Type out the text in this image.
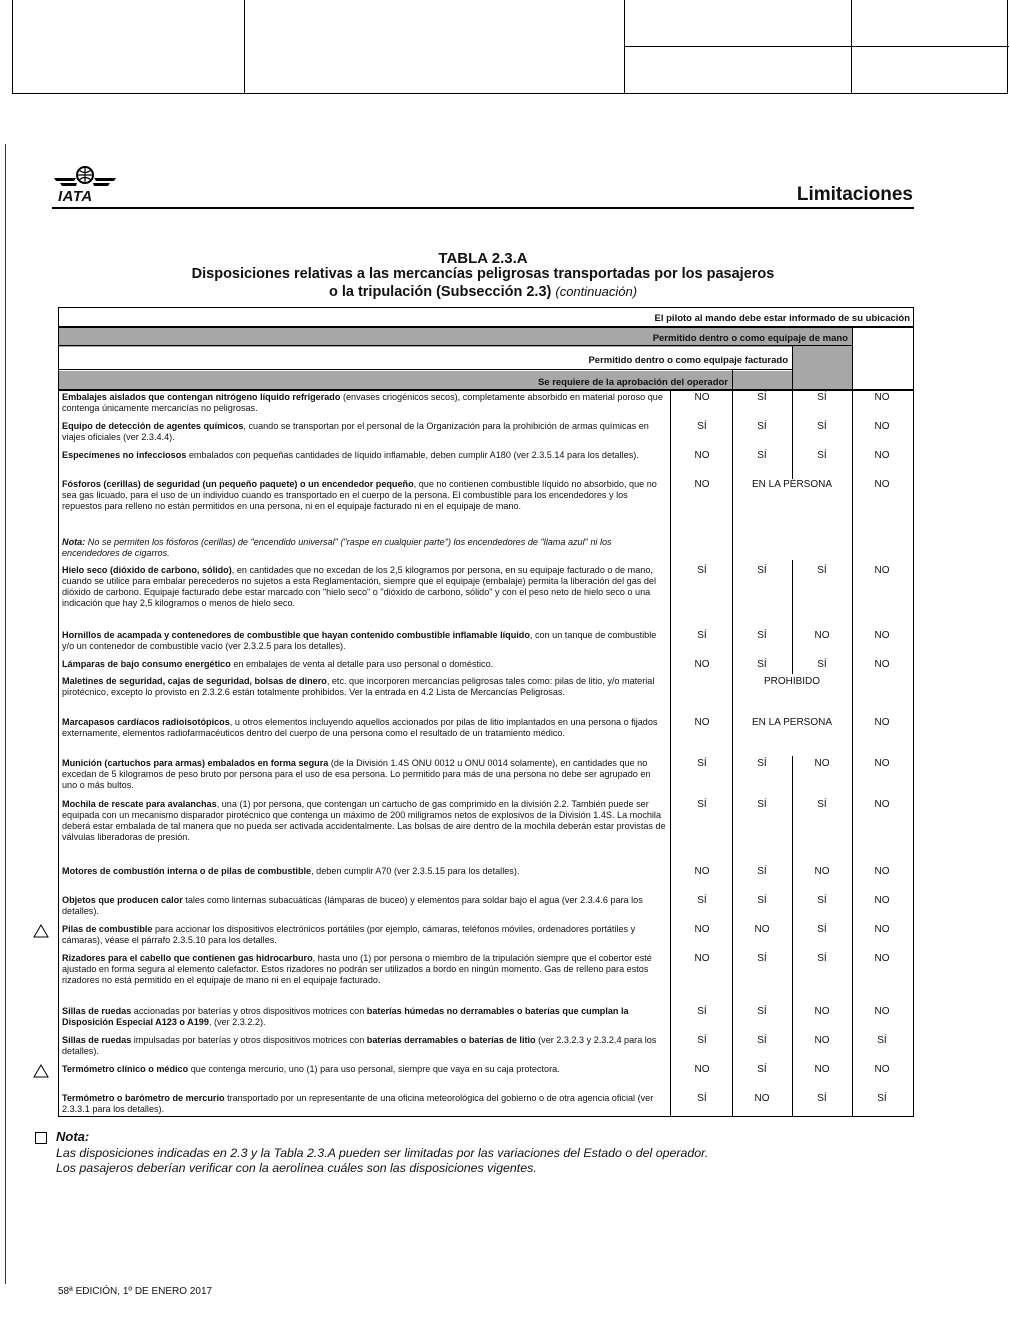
IATA	Limitaciones
TABLA 2.3.A
Disposiciones relativas a las mercancías peligrosas transportadas por los pasajeros
o la tripulación (Subsección 2.3) (continuación)
El piloto al mando debe estar informado de su ubicación
Permitido dentro o como equipaje de mano
Permitido dentro o como equipaje facturado
Se requiere de la aprobación del operador
Embalajes aislados que contengan nitrógeno líquido refrigerado (envases criogénicos secos), completamente absorbido en material poroso que contenga únicamente mercancías no peligrosas.
NO	SÍ	SÍ	NO
Equipo de detección de agentes químicos, cuando se transportan por el personal de la Organización para la prohibición de armas químicas en viajes oficiales (ver 2.3.4.4).
SÍ	SÍ	SÍ	NO
Especímenes no infecciosos embalados con pequeñas cantidades de líquido inflamable, deben cumplir A180 (ver 2.3.5.14 para los detalles).	NO	SÍ	SÍ	NO
Fósforos (cerillas) de seguridad (un pequeño paquete) o un encendedor pequeño, que no contienen combustible líquido no absorbido, que no sea gas licuado, para el uso de un individuo cuando es transportado en el cuerpo de la persona. El combustible para los encendedores y los repuestos para relleno no están permitidos en una persona, ni en el equipaje facturado ni en el equipaje de mano.
NO	EN LA PERSONA	NO
Nota: No se permiten los fósforos (cerillas) de "encendido universal" ("raspe en cualquier parte") los encendedores de "llama azul" ni los encendedores de cigarros.
Hielo seco (dióxido de carbono, sólido), en cantidades que no excedan de los 2,5 kilogramos por persona, en su equipaje facturado o de mano, cuando se utilice para embalar perecederos no sujetos a esta Reglamentación, siempre que el equipaje (embalaje) permita la liberación del gas del dióxido de carbono. Equipaje facturado debe estar marcado con "hielo seco" o "dióxido de carbono, sólido" y con el peso neto de hielo seco o una indicación que hay 2,5 kilogramos o menos de hielo seco.
SÍ	SÍ	SÍ	NO
Hornillos de acampada y contenedores de combustible que hayan contenido combustible inflamable líquido, con un tanque de combustible y/o un contenedor de combustible vacío (ver 2.3.2.5 para los detalles).
SÍ	SÍ	NO	NO
Lámparas de bajo consumo energético en embalajes de venta al detalle para uso personal o doméstico.	NO	SÍ	SÍ	NO
Maletines de seguridad, cajas de seguridad, bolsas de dinero, etc. que incorporen mercancías peligrosas tales como: pilas de litio, y/o material pirotécnico, excepto lo provisto en 2.3.2.6 están totalmente prohibidos. Ver la entrada en 4.2 Lista de Mercancías Peligrosas.
PROHIBIDO
Marcapasos cardíacos radioisotópicos, u otros elementos incluyendo aquellos accionados por pilas de litio implantados en una persona o fijados externamente, elementos radiofarmacéuticos dentro del cuerpo de una persona como el resultado de un tratamiento médico.
NO	EN LA PERSONA	NO
Munición (cartuchos para armas) embalados en forma segura (de la División 1.4S ONU 0012 u ONU 0014 solamente), en cantidades que no excedan de 5 kilogramos de peso bruto por persona para el uso de esa persona. Lo permitido para más de una persona no debe ser agrupado en uno o más bultos.
SÍ	SÍ	NO	NO
Mochila de rescate para avalanchas, una (1) por persona, que contengan un cartucho de gas comprimido en la división 2.2. También puede ser equipada con un mecanismo disparador pirotécnico que contenga un máximo de 200 miligramos netos de explosivos de la División 1.4S. La mochila deberá estar embalada de tal manera que no pueda ser activada accidentalmente. Las bolsas de aire dentro de la mochila deberán estar provistas de válvulas liberadoras de presión.
SÍ	SÍ	SÍ	NO
Motores de combustión interna o de pilas de combustible, deben cumplir A70 (ver 2.3.5.15 para los detalles).	NO	SÍ	NO	NO
Objetos que producen calor tales como linternas subacuáticas (lámparas de buceo) y elementos para soldar bajo el agua (ver 2.3.4.6 para los detalles).
SÍ	SÍ	SÍ	NO
Pilas de combustible para accionar los dispositivos electrónicos portátiles (por ejemplo, cámaras, teléfonos móviles, ordenadores portátiles y cámaras), véase el párrafo 2.3.5.10 para los detalles.
NO	NO	SÍ	NO
Rizadores para el cabello que contienen gas hidrocarburo, hasta uno (1) por persona o miembro de la tripulación siempre que el cobertor esté ajustado en forma segura al elemento calefactor. Estos rizadores no podrán ser utilizados a bordo en ningún momento. Gas de relleno para estos rizadores no está permitido en el equipaje de mano ni en el equipaje facturado.
NO	SÍ	SÍ	NO
Sillas de ruedas accionadas por baterías y otros dispositivos motrices con baterías húmedas no derramables o baterías que cumplan la Disposición Especial A123 o A199, (ver 2.3.2.2).
SÍ	SÍ	NO	NO
Sillas de ruedas impulsadas por baterías y otros dispositivos motrices con baterías derramables o baterías de litio (ver 2.3.2.3 y 2.3.2.4 para los detalles).
SÍ	SÍ	NO	SÍ
Termómetro clínico o médico que contenga mercurio, uno (1) para uso personal, siempre que vaya en su caja protectora.	NO	SÍ	NO	NO
Termómetro o barómetro de mercurio transportado por un representante de una oficina meteorológica del gobierno o de otra agencia oficial (ver 2.3.3.1 para los detalles).
SÍ	NO	SÍ	SÍ
Nota:
Las disposiciones indicadas en 2.3 y la Tabla 2.3.A pueden ser limitadas por las variaciones del Estado o del operador.
Los pasajeros deberían verificar con la aerolínea cuáles son las disposiciones vigentes.
58ª EDICIÓN, 1º DE ENERO 2017
